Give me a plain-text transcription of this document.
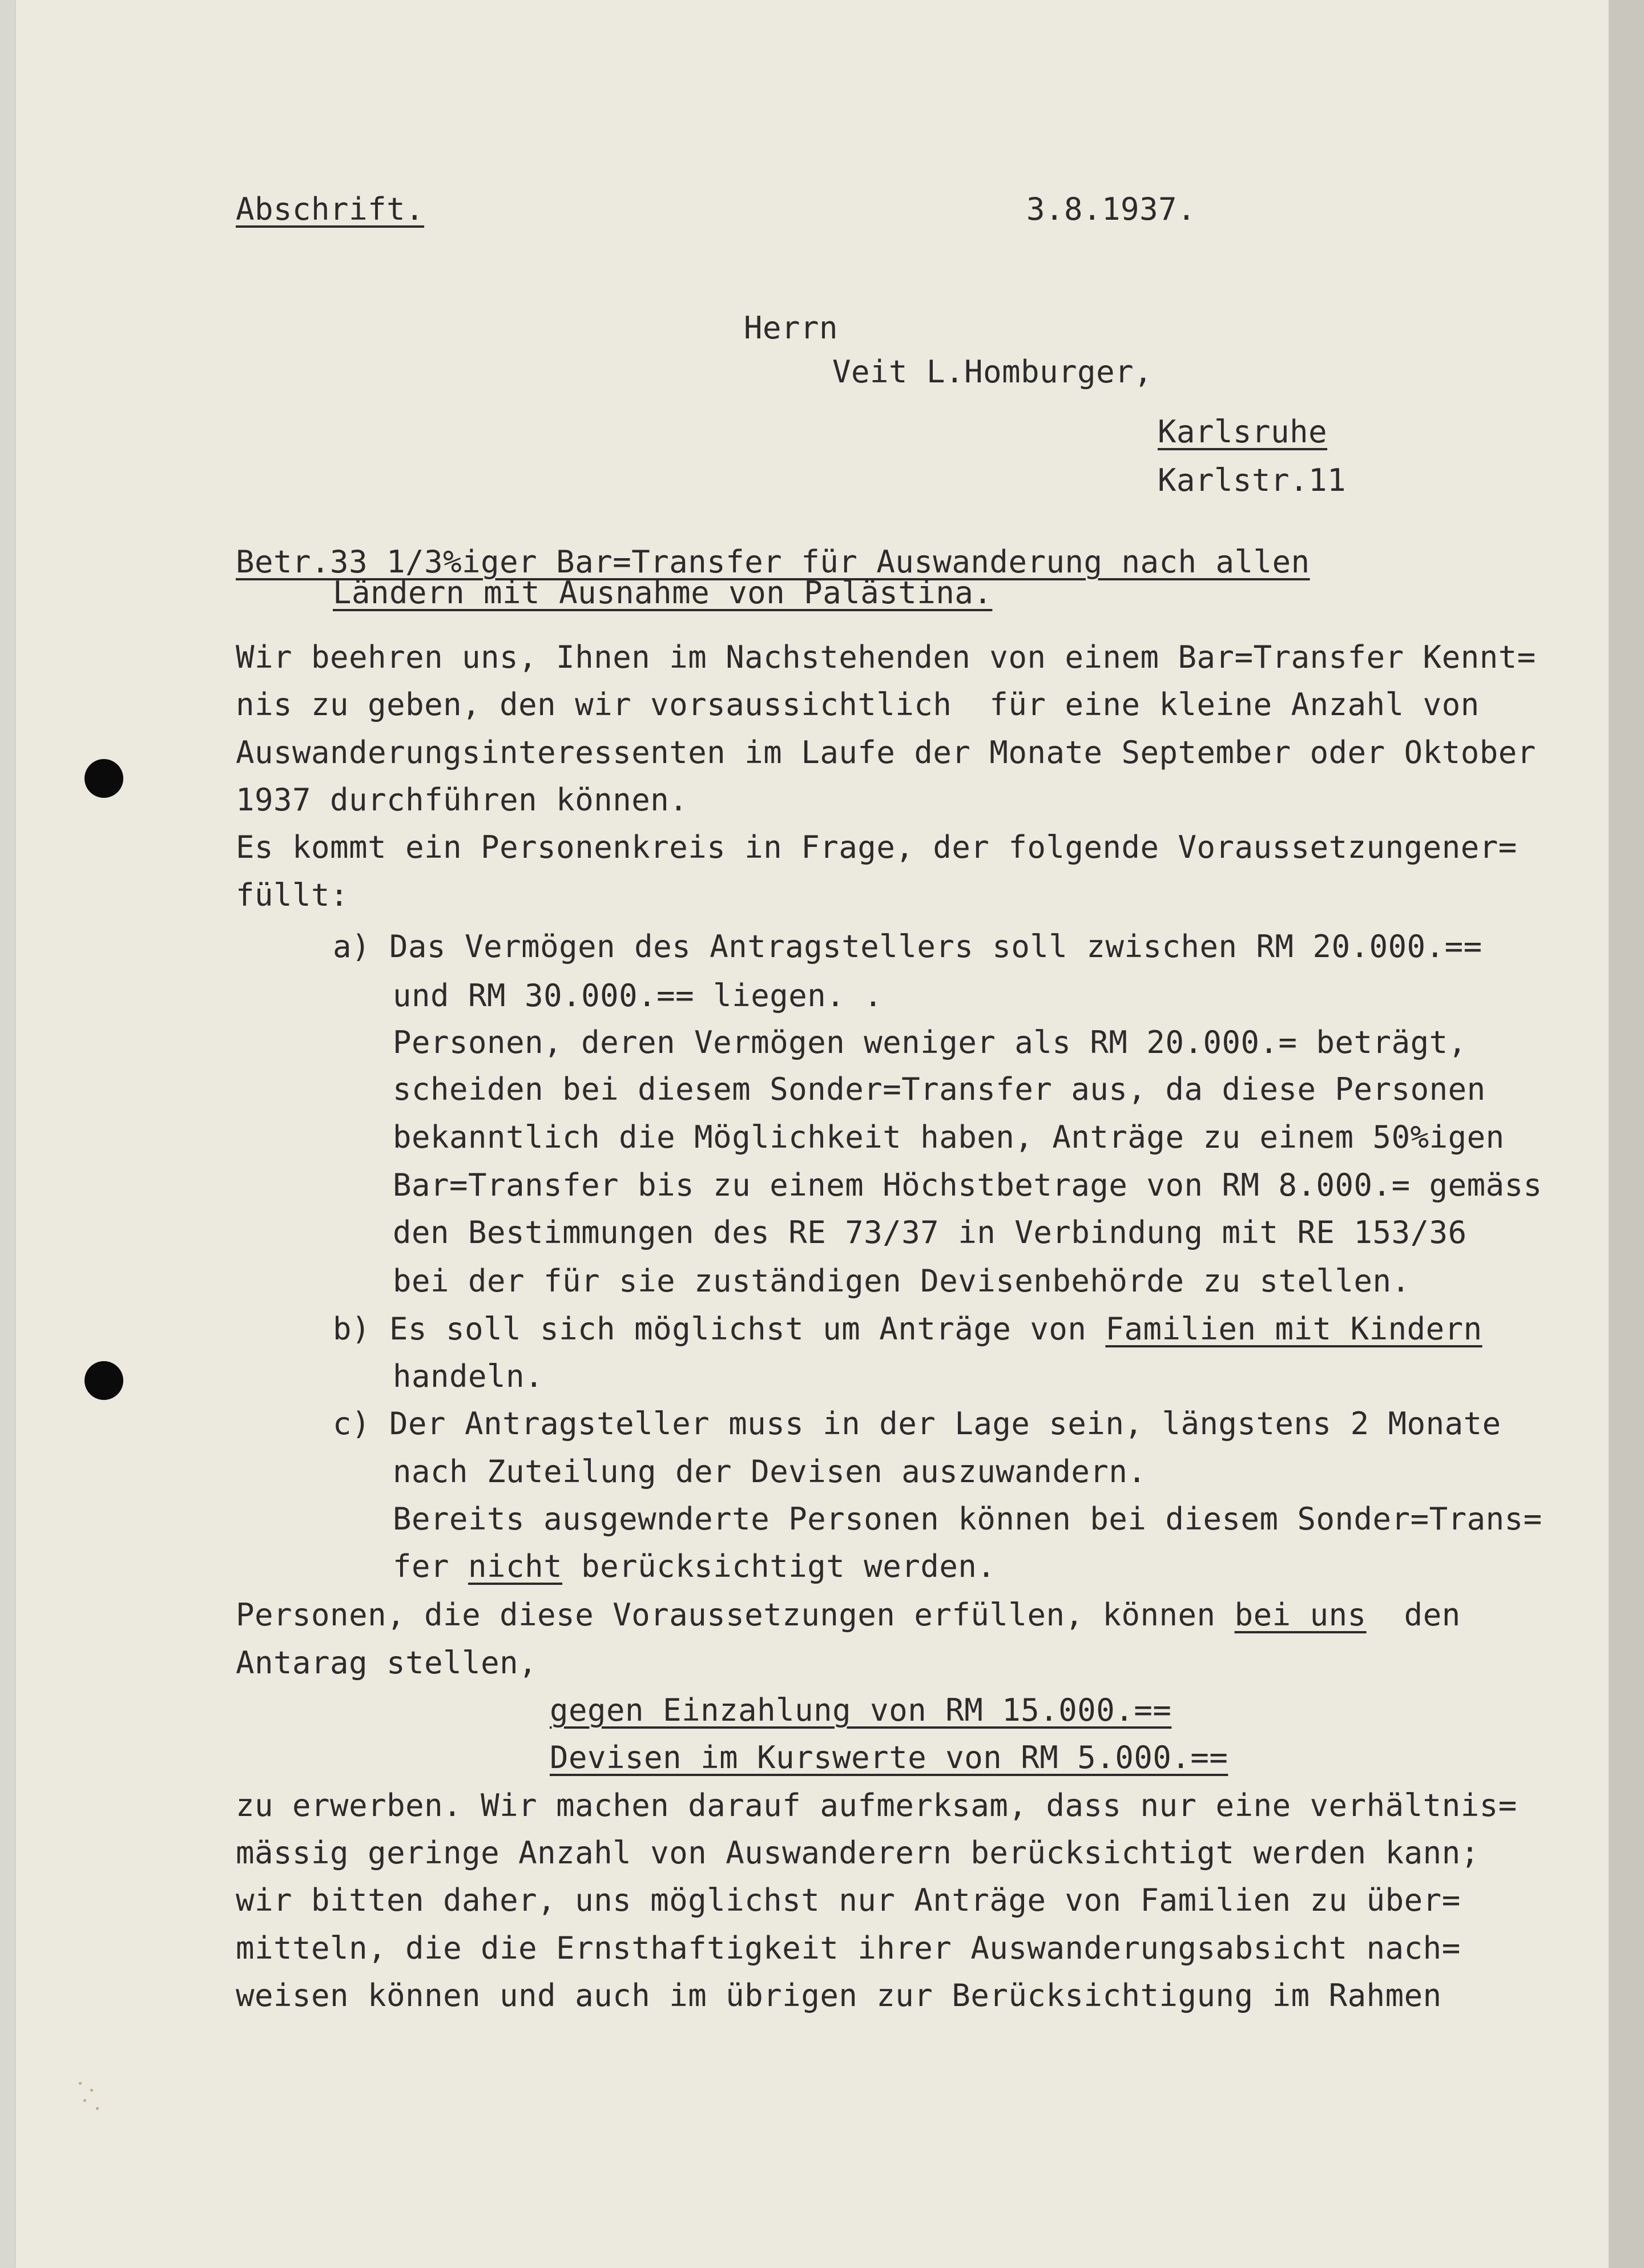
Abschrift.	3.8.1937.
Herrn
Veit L.Homburger,
Karlsruhe
Karlstr.11
Betr.33 1/3%iger Bar=Transfer für Auswanderung nach allen
Ländern mit Ausnahme von Palästina.
Wir beehren uns, Ihnen im Nachstehenden von einem Bar=Transfer Kennt=
nis zu geben, den wir vorsaussichtlich  für eine kleine Anzahl von
Auswanderungsinteressenten im Laufe der Monate September oder Oktober
1937 durchführen können.
Es kommt ein Personenkreis in Frage, der folgende Voraussetzungener=
füllt:
a) Das Vermögen des Antragstellers soll zwischen RM 20.000.==
und RM 30.000.== liegen. .
Personen, deren Vermögen weniger als RM 20.000.= beträgt,
scheiden bei diesem Sonder=Transfer aus, da diese Personen
bekanntlich die Möglichkeit haben, Anträge zu einem 50%igen
Bar=Transfer bis zu einem Höchstbetrage von RM 8.000.= gemäss
den Bestimmungen des RE 73/37 in Verbindung mit RE 153/36
bei der für sie zuständigen Devisenbehörde zu stellen.
b) Es soll sich möglichst um Anträge von Familien mit Kindern
handeln.
c) Der Antragsteller muss in der Lage sein, längstens 2 Monate
nach Zuteilung der Devisen auszuwandern.
Bereits ausgewnderte Personen können bei diesem Sonder=Trans=
fer nicht berücksichtigt werden.
Personen, die diese Voraussetzungen erfüllen, können bei uns  den
Antarag stellen,
gegen Einzahlung von RM 15.000.==
Devisen im Kurswerte von RM 5.000.==
zu erwerben. Wir machen darauf aufmerksam, dass nur eine verhältnis=
mässig geringe Anzahl von Auswanderern berücksichtigt werden kann;
wir bitten daher, uns möglichst nur Anträge von Familien zu über=
mitteln, die die Ernsthaftigkeit ihrer Auswanderungsabsicht nach=
weisen können und auch im übrigen zur Berücksichtigung im Rahmen
